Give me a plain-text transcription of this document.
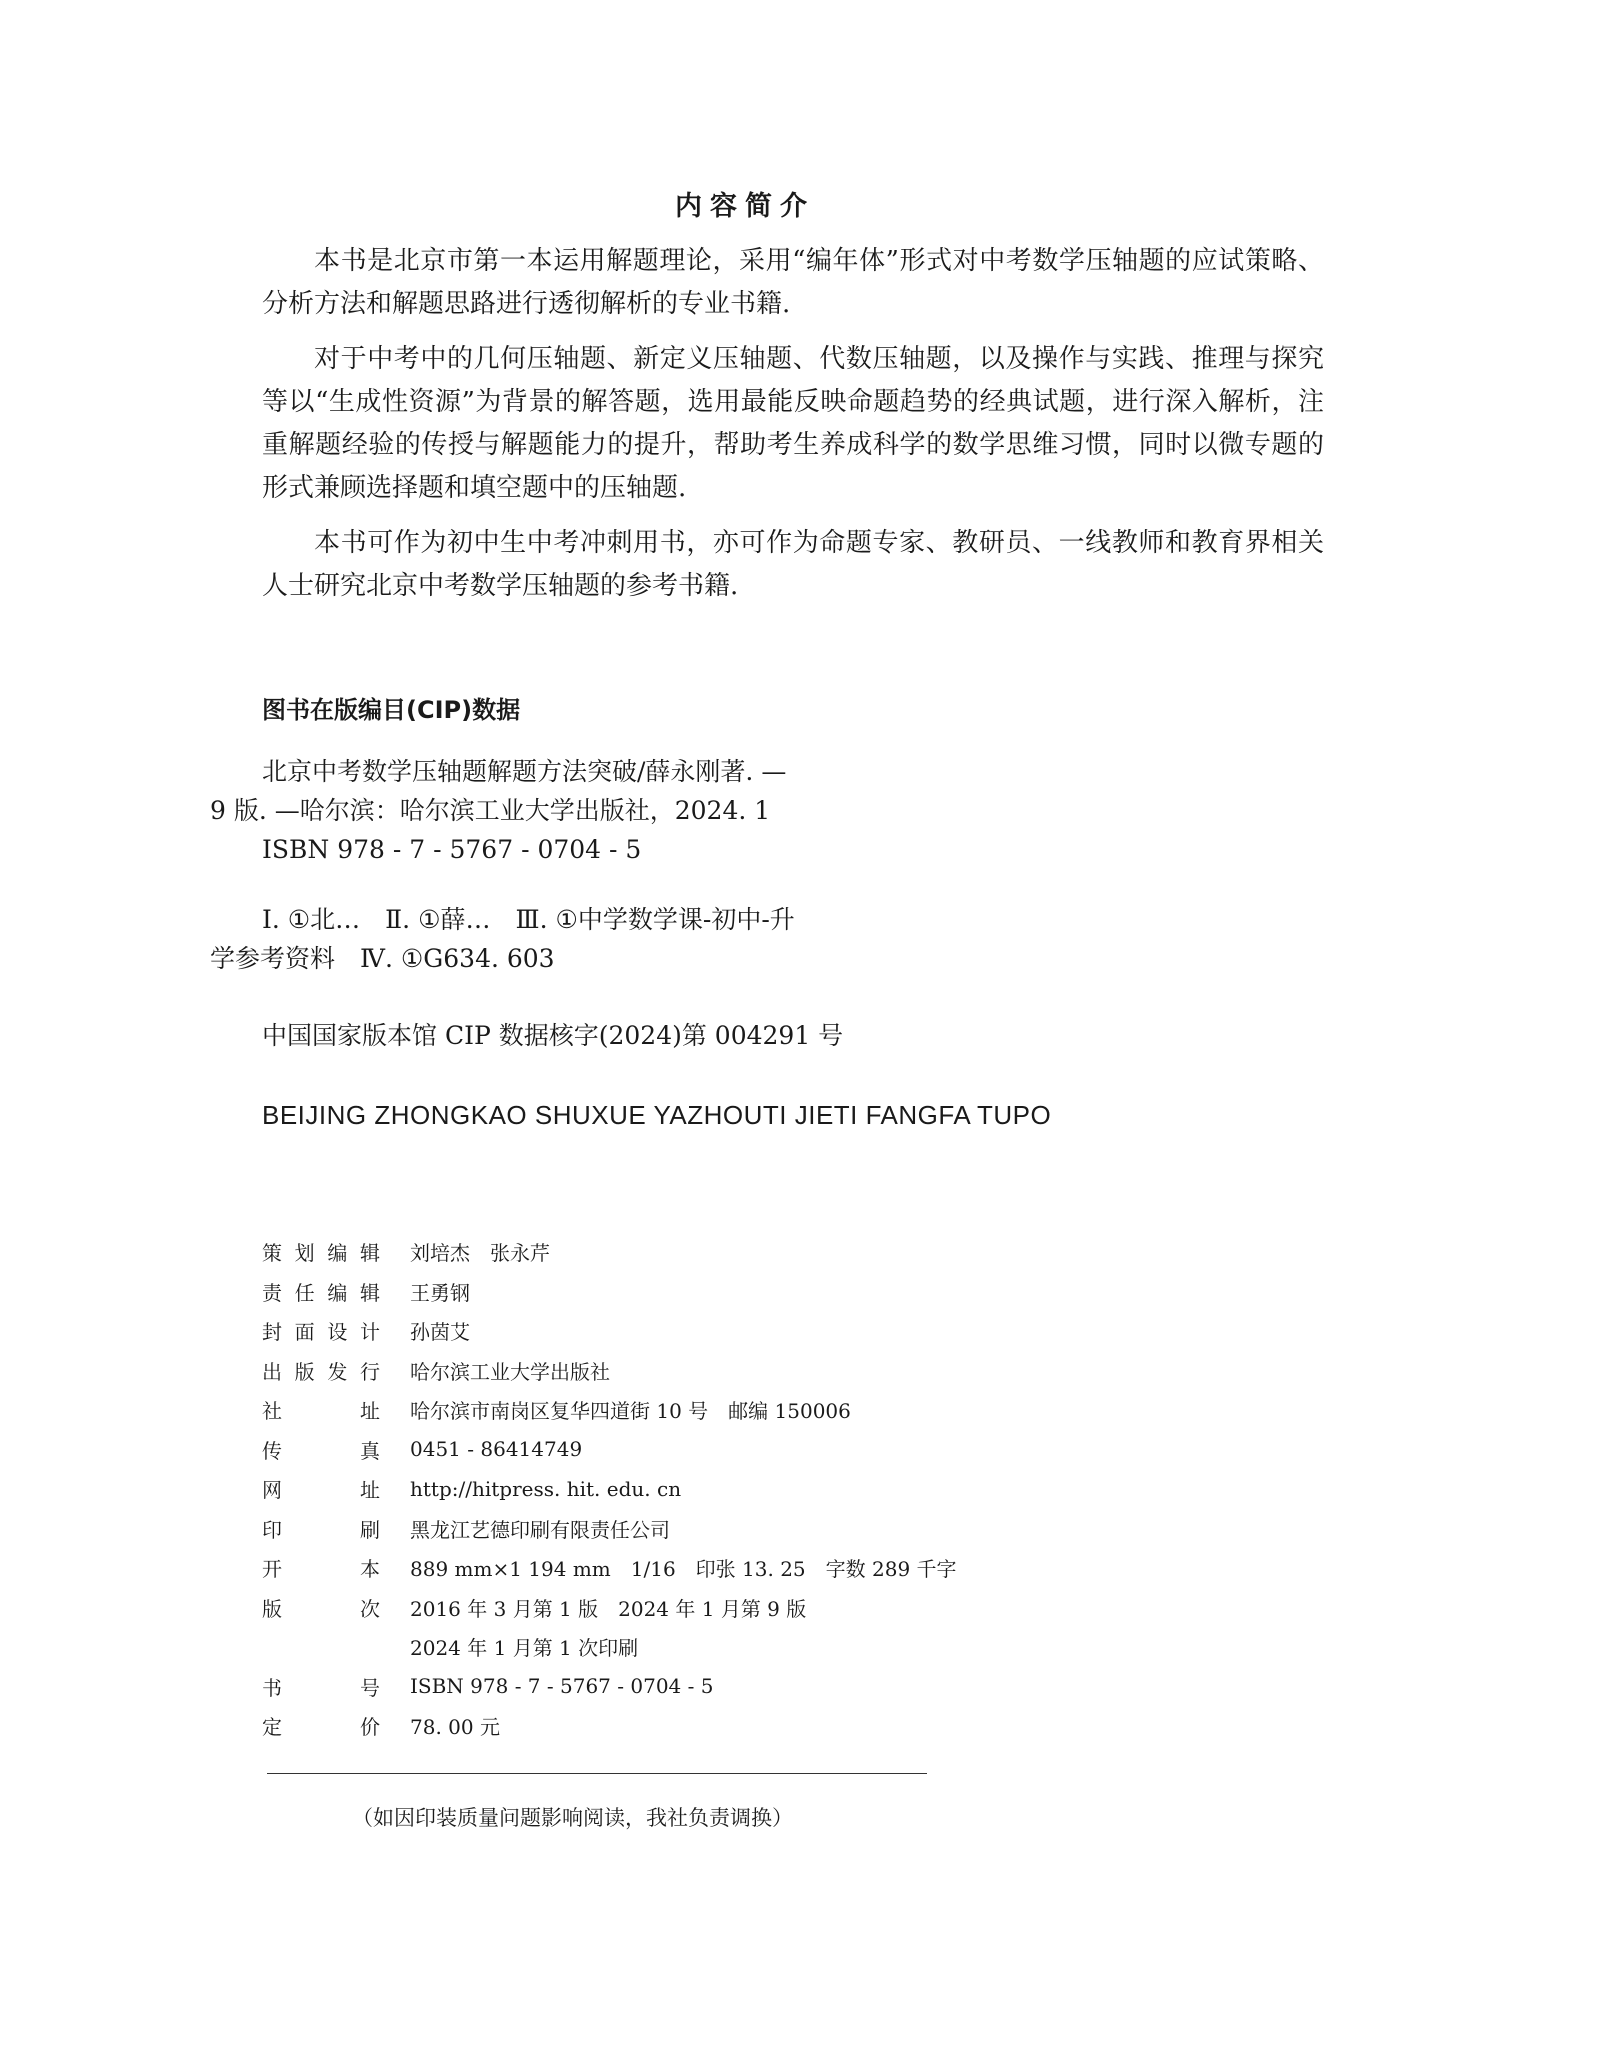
内容简介

本书是北京市第一本运用解题理论，采用“编年体”形式对中考数学压轴题的应试策略、分析方法和解题思路进行透彻解析的专业书籍.

对于中考中的几何压轴题、新定义压轴题、代数压轴题，以及操作与实践、推理与探究等以“生成性资源”为背景的解答题，选用最能反映命题趋势的经典试题，进行深入解析，注重解题经验的传授与解题能力的提升，帮助考生养成科学的数学思维习惯，同时以微专题的形式兼顾选择题和填空题中的压轴题.

本书可作为初中生中考冲刺用书，亦可作为命题专家、教研员、一线教师和教育界相关人士研究北京中考数学压轴题的参考书籍.

图书在版编目(CIP)数据
北京中考数学压轴题解题方法突破/薛永刚著. —
9 版. —哈尔滨：哈尔滨工业大学出版社，2024. 1
ISBN 978 - 7 - 5767 - 0704 - 5
Ⅰ. ①北…　Ⅱ. ①薛…　Ⅲ. ①中学数学课-初中-升
学参考资料　Ⅳ. ①G634. 603
中国国家版本馆 CIP 数据核字(2024)第 004291 号
BEIJING ZHONGKAO SHUXUE YAZHOUTI JIETI FANGFA TUPO
策 划 编 辑 刘培杰　张永芹
责 任 编 辑 王勇钢
封 面 设 计 孙茵艾
出 版 发 行 哈尔滨工业大学出版社
社	址 哈尔滨市南岗区复华四道街 10 号　邮编 150006
传	真 0451 - 86414749
网	址 http://hitpress. hit. edu. cn
印	刷 黑龙江艺德印刷有限责任公司
开	本 889 mm×1 194 mm　1/16　印张 13. 25　字数 289 千字
版	次 2016 年 3 月第 1 版　2024 年 1 月第 9 版
2024 年 1 月第 1 次印刷
书	号 ISBN 978 - 7 - 5767 - 0704 - 5
定	价 78. 00 元
（如因印装质量问题影响阅读，我社负责调换）
